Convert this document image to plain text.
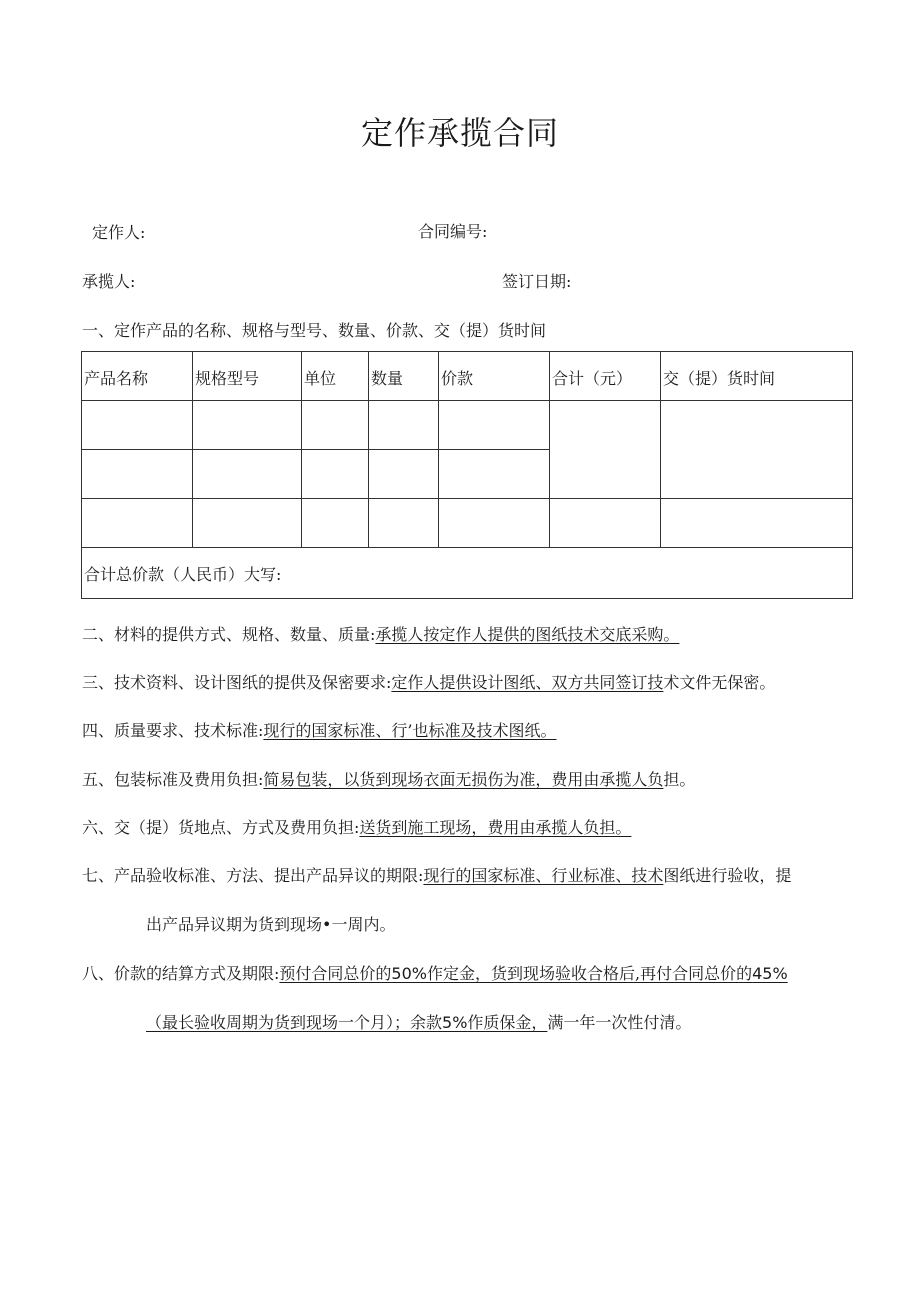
定作承揽合同
定作人:	合同编号:
承揽人:	签订日期:
一、定作产品的名称、规格与型号、数量、价款、交（提）货时间
产品名称	规格型号	单位	数量	价款	合计（元）	交（提）货时间

合计总价款（人民币）大写:						
二、材料的提供方式、规格、数量、质量:承揽人按定作人提供的图纸技术交底采购。
三、技术资料、设计图纸的提供及保密要求:定作人提供设计图纸、双方共同签订技术文件无保密。
四、质量要求、技术标准:现行的国家标准、行’也标准及技术图纸。
五、包装标准及费用负担:简易包装，以货到现场衣面无损伤为准，费用由承揽人负担。
六、交（提）货地点、方式及费用负担:送货到施工现场，费用由承揽人负担。
七、产品验收标准、方法、提出产品异议的期限:现行的国家标准、行业标准、技术图纸进行验收，提
出产品异议期为货到现场•一周内。
八、价款的结算方式及期限:预付合同总价的50%作定金，货到现场验收合格后,再付合同总价的45%
（最长验收周期为货到现场一个月）；余款5%作质保金，满一年一次性付清。
